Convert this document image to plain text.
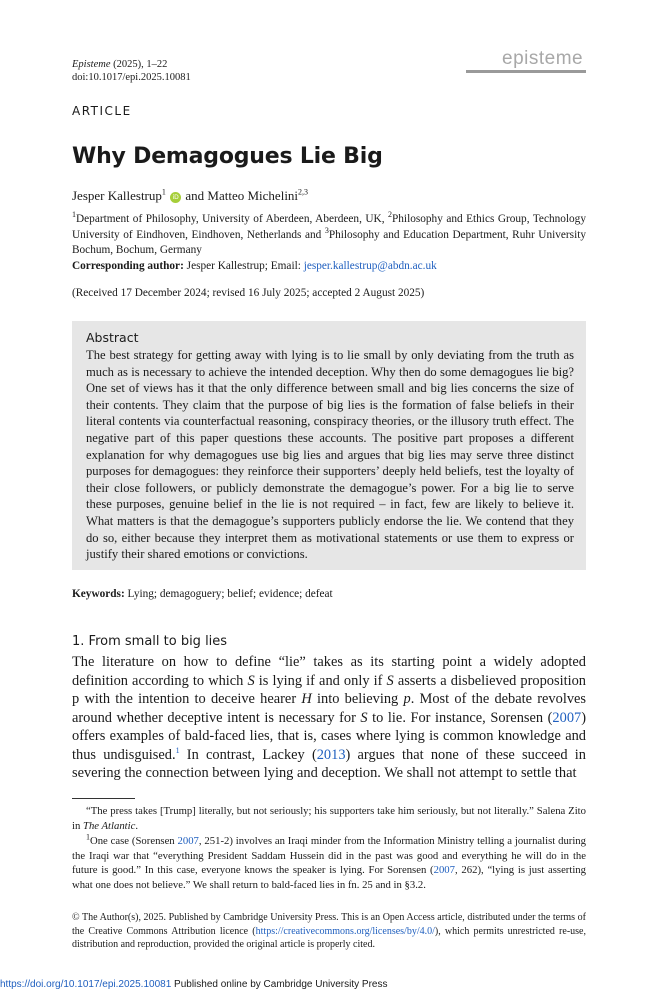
Episteme (2025), 1–22
doi:10.1017/epi.2025.10081
episteme
ARTICLE
Why Demagogues Lie Big
Jesper Kallestrup$^1$ iD and Matteo Michelini$^{2,3}$
$^1$Department of Philosophy, University of Aberdeen, Aberdeen, UK, $^2$Philosophy and Ethics Group, Technology University of Eindhoven, Eindhoven, Netherlands and $^3$Philosophy and Education Department, Ruhr University Bochum, Bochum, Germany
Corresponding author: Jesper Kallestrup; Email: jesper.kallestrup@abdn.ac.uk
(Received 17 December 2024; revised 16 July 2025; accepted 2 August 2025)
Abstract
The best strategy for getting away with lying is to lie small by only deviating from the truth as much as is necessary to achieve the intended deception. Why then do some demagogues lie big? One set of views has it that the only difference between small and big lies concerns the size of their contents. They claim that the purpose of big lies is the formation of false beliefs in their literal contents via counterfactual reasoning, conspiracy theories, or the illusory truth effect. The negative part of this paper questions these accounts. The positive part proposes a different explanation for why demagogues use big lies and argues that big lies may serve three distinct purposes for demagogues: they reinforce their supporters’ deeply held beliefs, test the loyalty of their close followers, or publicly demonstrate the demagogue’s power. For a big lie to serve these purposes, genuine belief in the lie is not required – in fact, few are likely to believe it. What matters is that the demagogue’s supporters publicly endorse the lie. We contend that they do so, either because they interpret them as motivational statements or use them to express or justify their shared emotions or convictions.
Keywords: Lying; demagoguery; belief; evidence; defeat
1. From small to big lies
The literature on how to define “lie” takes as its starting point a widely adopted definition according to which S is lying if and only if S asserts a disbelieved proposition p with the intention to deceive hearer H into believing p. Most of the debate revolves around whether deceptive intent is necessary for S to lie. For instance, Sorensen (2007) offers examples of bald-faced lies, that is, cases where lying is common knowledge and thus undisguised.$^1$ In contrast, Lackey (2013) argues that none of these succeed in severing the connection between lying and deception. We shall not attempt to settle that
“The press takes [Trump] literally, but not seriously; his supporters take him seriously, but not literally.” Salena Zito in The Atlantic.
$^1$One case (Sorensen 2007, 251-2) involves an Iraqi minder from the Information Ministry telling a journalist during the Iraqi war that “everything President Saddam Hussein did in the past was good and everything he will do in the future is good.” In this case, everyone knows the speaker is lying. For Sorensen (2007, 262), “lying is just asserting what one does not believe.” We shall return to bald-faced lies in fn. 25 and in §3.2.
© The Author(s), 2025. Published by Cambridge University Press. This is an Open Access article, distributed under the terms of the Creative Commons Attribution licence (https://creativecommons.org/licenses/by/4.0/), which permits unrestricted re-use, distribution and reproduction, provided the original article is properly cited.
https://doi.org/10.1017/epi.2025.10081 Published online by Cambridge University Press
